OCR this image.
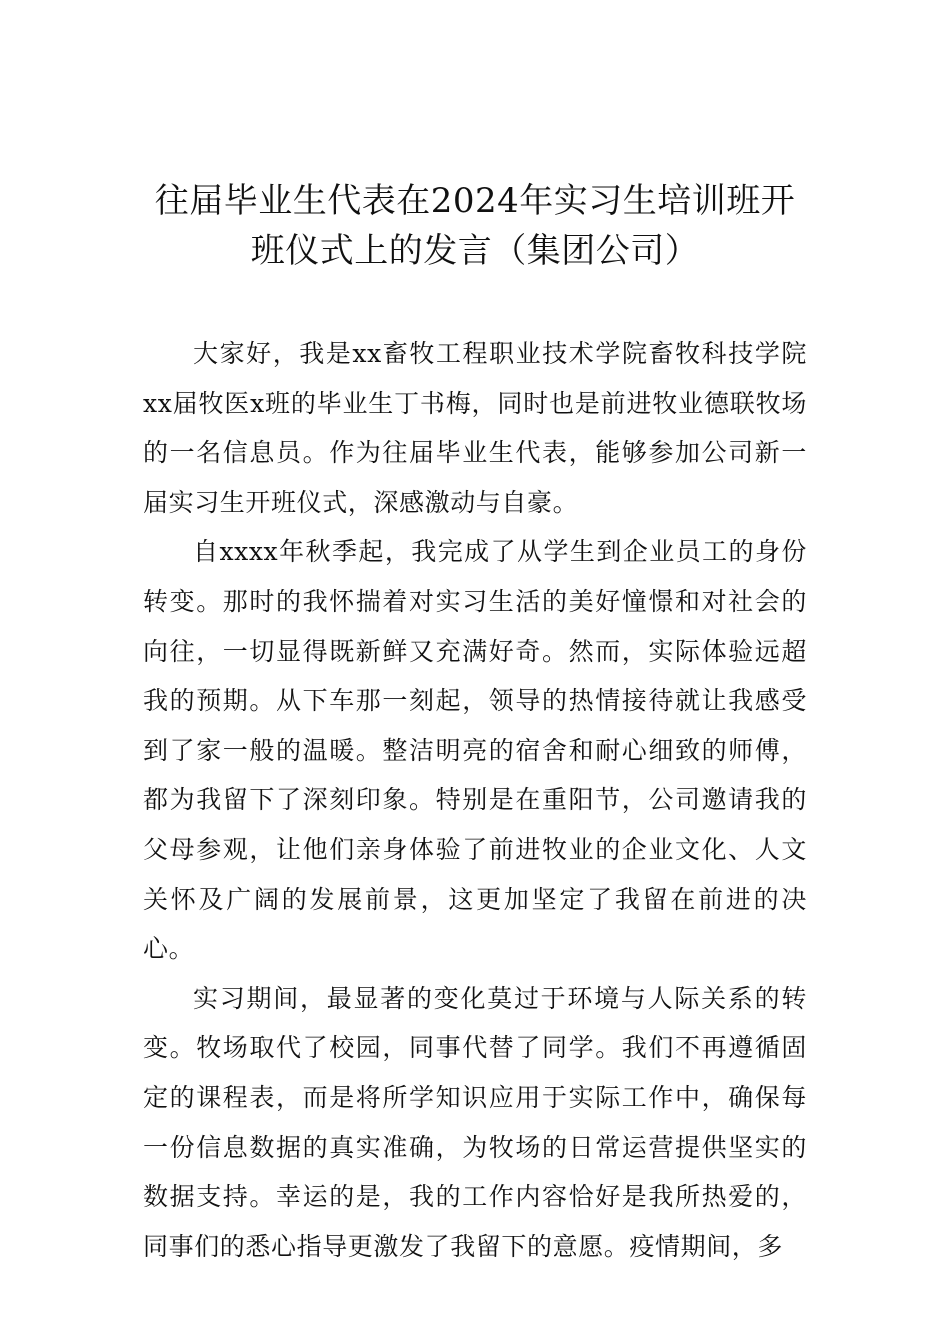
往届毕业生代表在2024年实习生培训班开
班仪式上的发言（集团公司）

大家好，我是xx畜牧工程职业技术学院畜牧科技学院xx届牧医x班的毕业生丁书梅，同时也是前进牧业德联牧场的一名信息员。作为往届毕业生代表，能够参加公司新一届实习生开班仪式，深感激动与自豪。

自xxxx年秋季起，我完成了从学生到企业员工的身份转变。那时的我怀揣着对实习生活的美好憧憬和对社会的向往，一切显得既新鲜又充满好奇。然而，实际体验远超我的预期。从下车那一刻起，领导的热情接待就让我感受到了家一般的温暖。整洁明亮的宿舍和耐心细致的师傅，都为我留下了深刻印象。特别是在重阳节，公司邀请我的父母参观，让他们亲身体验了前进牧业的企业文化、人文关怀及广阔的发展前景，这更加坚定了我留在前进的决心。

实习期间，最显著的变化莫过于环境与人际关系的转变。牧场取代了校园，同事代替了同学。我们不再遵循固定的课程表，而是将所学知识应用于实际工作中，确保每一份信息数据的真实准确，为牧场的日常运营提供坚实的数据支持。幸运的是，我的工作内容恰好是我所热爱的，同事们的悉心指导更激发了我留下的意愿。疫情期间，多
